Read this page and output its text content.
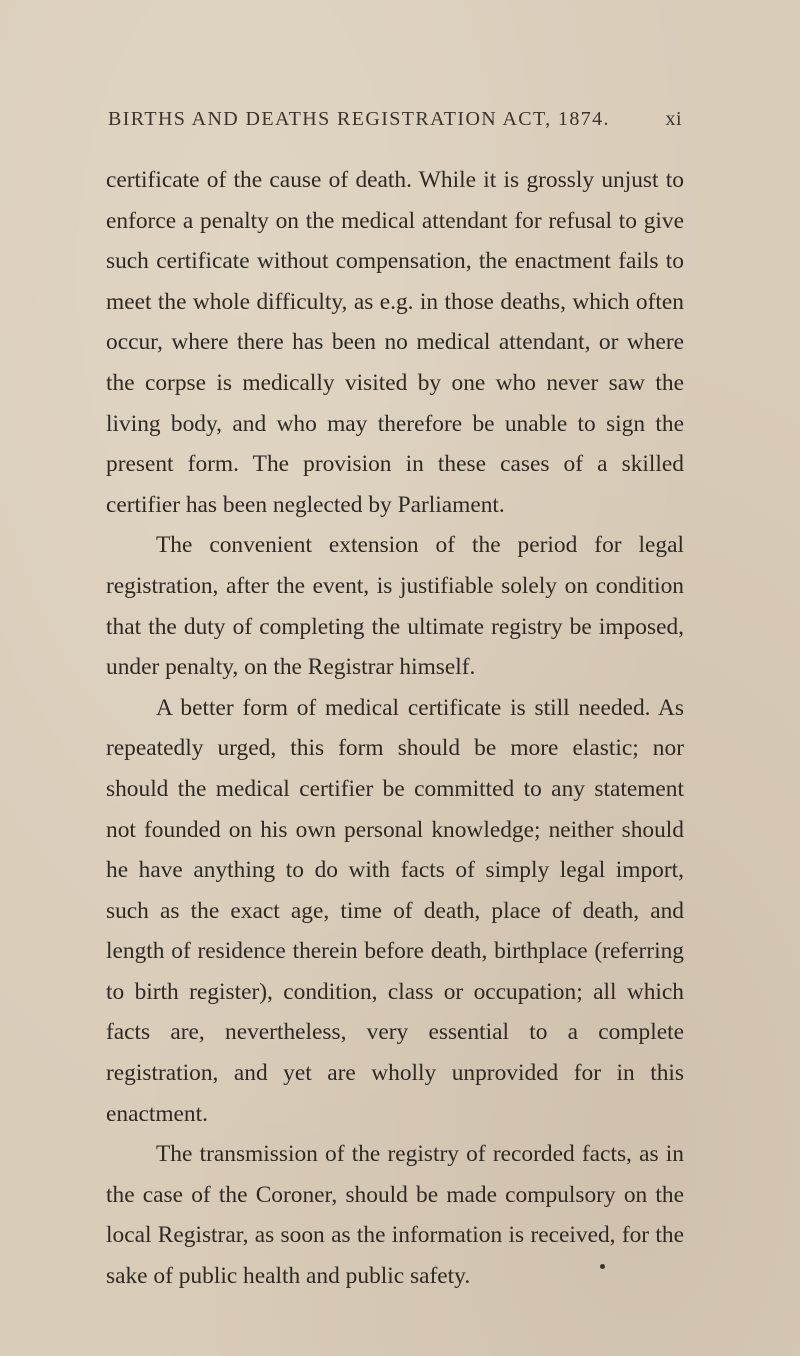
BIRTHS AND DEATHS REGISTRATION ACT, 1874.	xi

certificate of the cause of death. While it is grossly unjust to enforce a penalty on the medical attendant for refusal to give such certificate without compensation, the enactment fails to meet the whole difficulty, as e.g. in those deaths, which often occur, where there has been no medical attendant, or where the corpse is medically visited by one who never saw the living body, and who may therefore be unable to sign the present form. The provision in these cases of a skilled certifier has been neglected by Parliament.

The convenient extension of the period for legal registration, after the event, is justifiable solely on condition that the duty of completing the ultimate registry be imposed, under penalty, on the Registrar himself.

A better form of medical certificate is still needed. As repeatedly urged, this form should be more elastic; nor should the medical certifier be committed to any statement not founded on his own personal knowledge; neither should he have anything to do with facts of simply legal import, such as the exact age, time of death, place of death, and length of residence therein before death, birthplace (referring to birth register), condition, class or occupation; all which facts are, nevertheless, very essential to a complete registration, and yet are wholly unprovided for in this enactment.

The transmission of the registry of recorded facts, as in the case of the Coroner, should be made compulsory on the local Registrar, as soon as the information is received, for the sake of public health and public safety.
